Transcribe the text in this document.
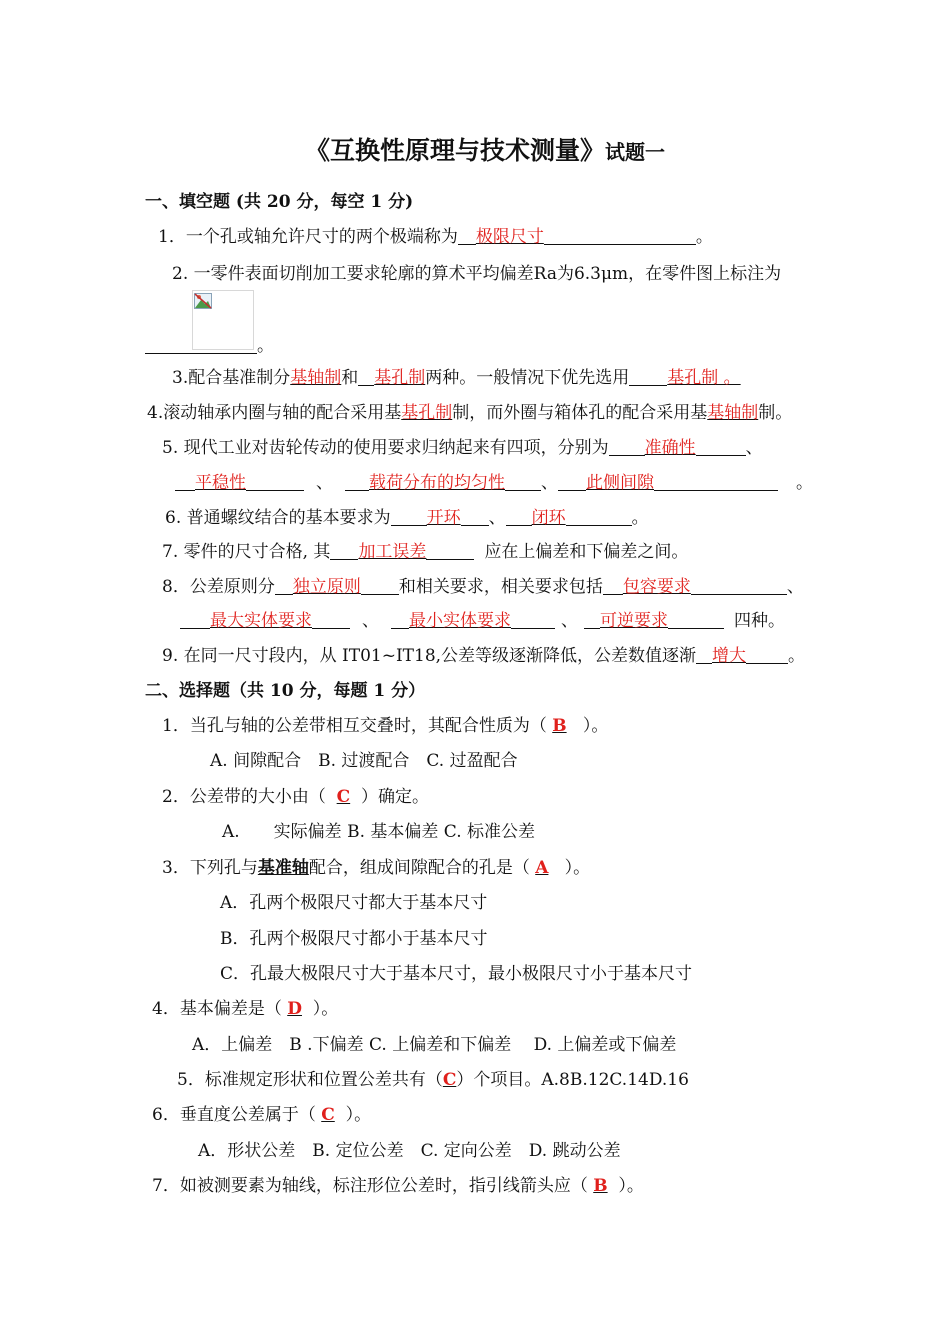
《互换性原理与技术测量》试题一
一、填空题 (共 20 分，每空 1 分)
1．一个孔或轴允许尺寸的两个极端称为 极限尺寸	。
2. 一零件表面切削加工要求轮廓的算术平均偏差Ra为6.3μm，在零件图上标注为
。
3.配合基准制分基轴制和 基孔制两种。一般情况下优先选用 基孔制 。
4.滚动轴承内圈与轴的配合采用基基孔制制，而外圈与箱体孔的配合采用基基轴制制。
5. 现代工业对齿轮传动的使用要求归纳起来有四项，分别为 准确性	、
平稳性	、 载荷分布的均匀性 、 此侧间隙	。
6. 普通螺纹结合的基本要求为 开环 、 闭环	。
7. 零件的尺寸合格, 其 加工误差	应在上偏差和下偏差之间。
8．公差原则分 独立原则 和相关要求，相关要求包括 包容要求	、
最大实体要求	、 最小实体要求	、 可逆要求	四种。
9. 在同一尺寸段内，从 IT01~IT18,公差等级逐渐降低，公差数值逐渐 增大 。
二、选择题（共 10 分，每题 1 分）
1．当孔与轴的公差带相互交叠时，其配合性质为（ B ）。
A. 间隙配合　B. 过渡配合　C. 过盈配合
2．公差带的大小由（ C ）确定。
A.　　实际偏差 B. 基本偏差 C. 标准公差
3．下列孔与基准轴配合，组成间隙配合的孔是（ A ）。
A．孔两个极限尺寸都大于基本尺寸
B．孔两个极限尺寸都小于基本尺寸
C．孔最大极限尺寸大于基本尺寸，最小极限尺寸小于基本尺寸
4．基本偏差是（ D ）。
A．上偏差　B .下偏差 C. 上偏差和下偏差　 D. 上偏差或下偏差
5．标准规定形状和位置公差共有（C）个项目。A.8B.12C.14D.16
6．垂直度公差属于（ C ）。
A．形状公差　B. 定位公差　C. 定向公差　D. 跳动公差
7．如被测要素为轴线，标注形位公差时，指引线箭头应（ B ）。
